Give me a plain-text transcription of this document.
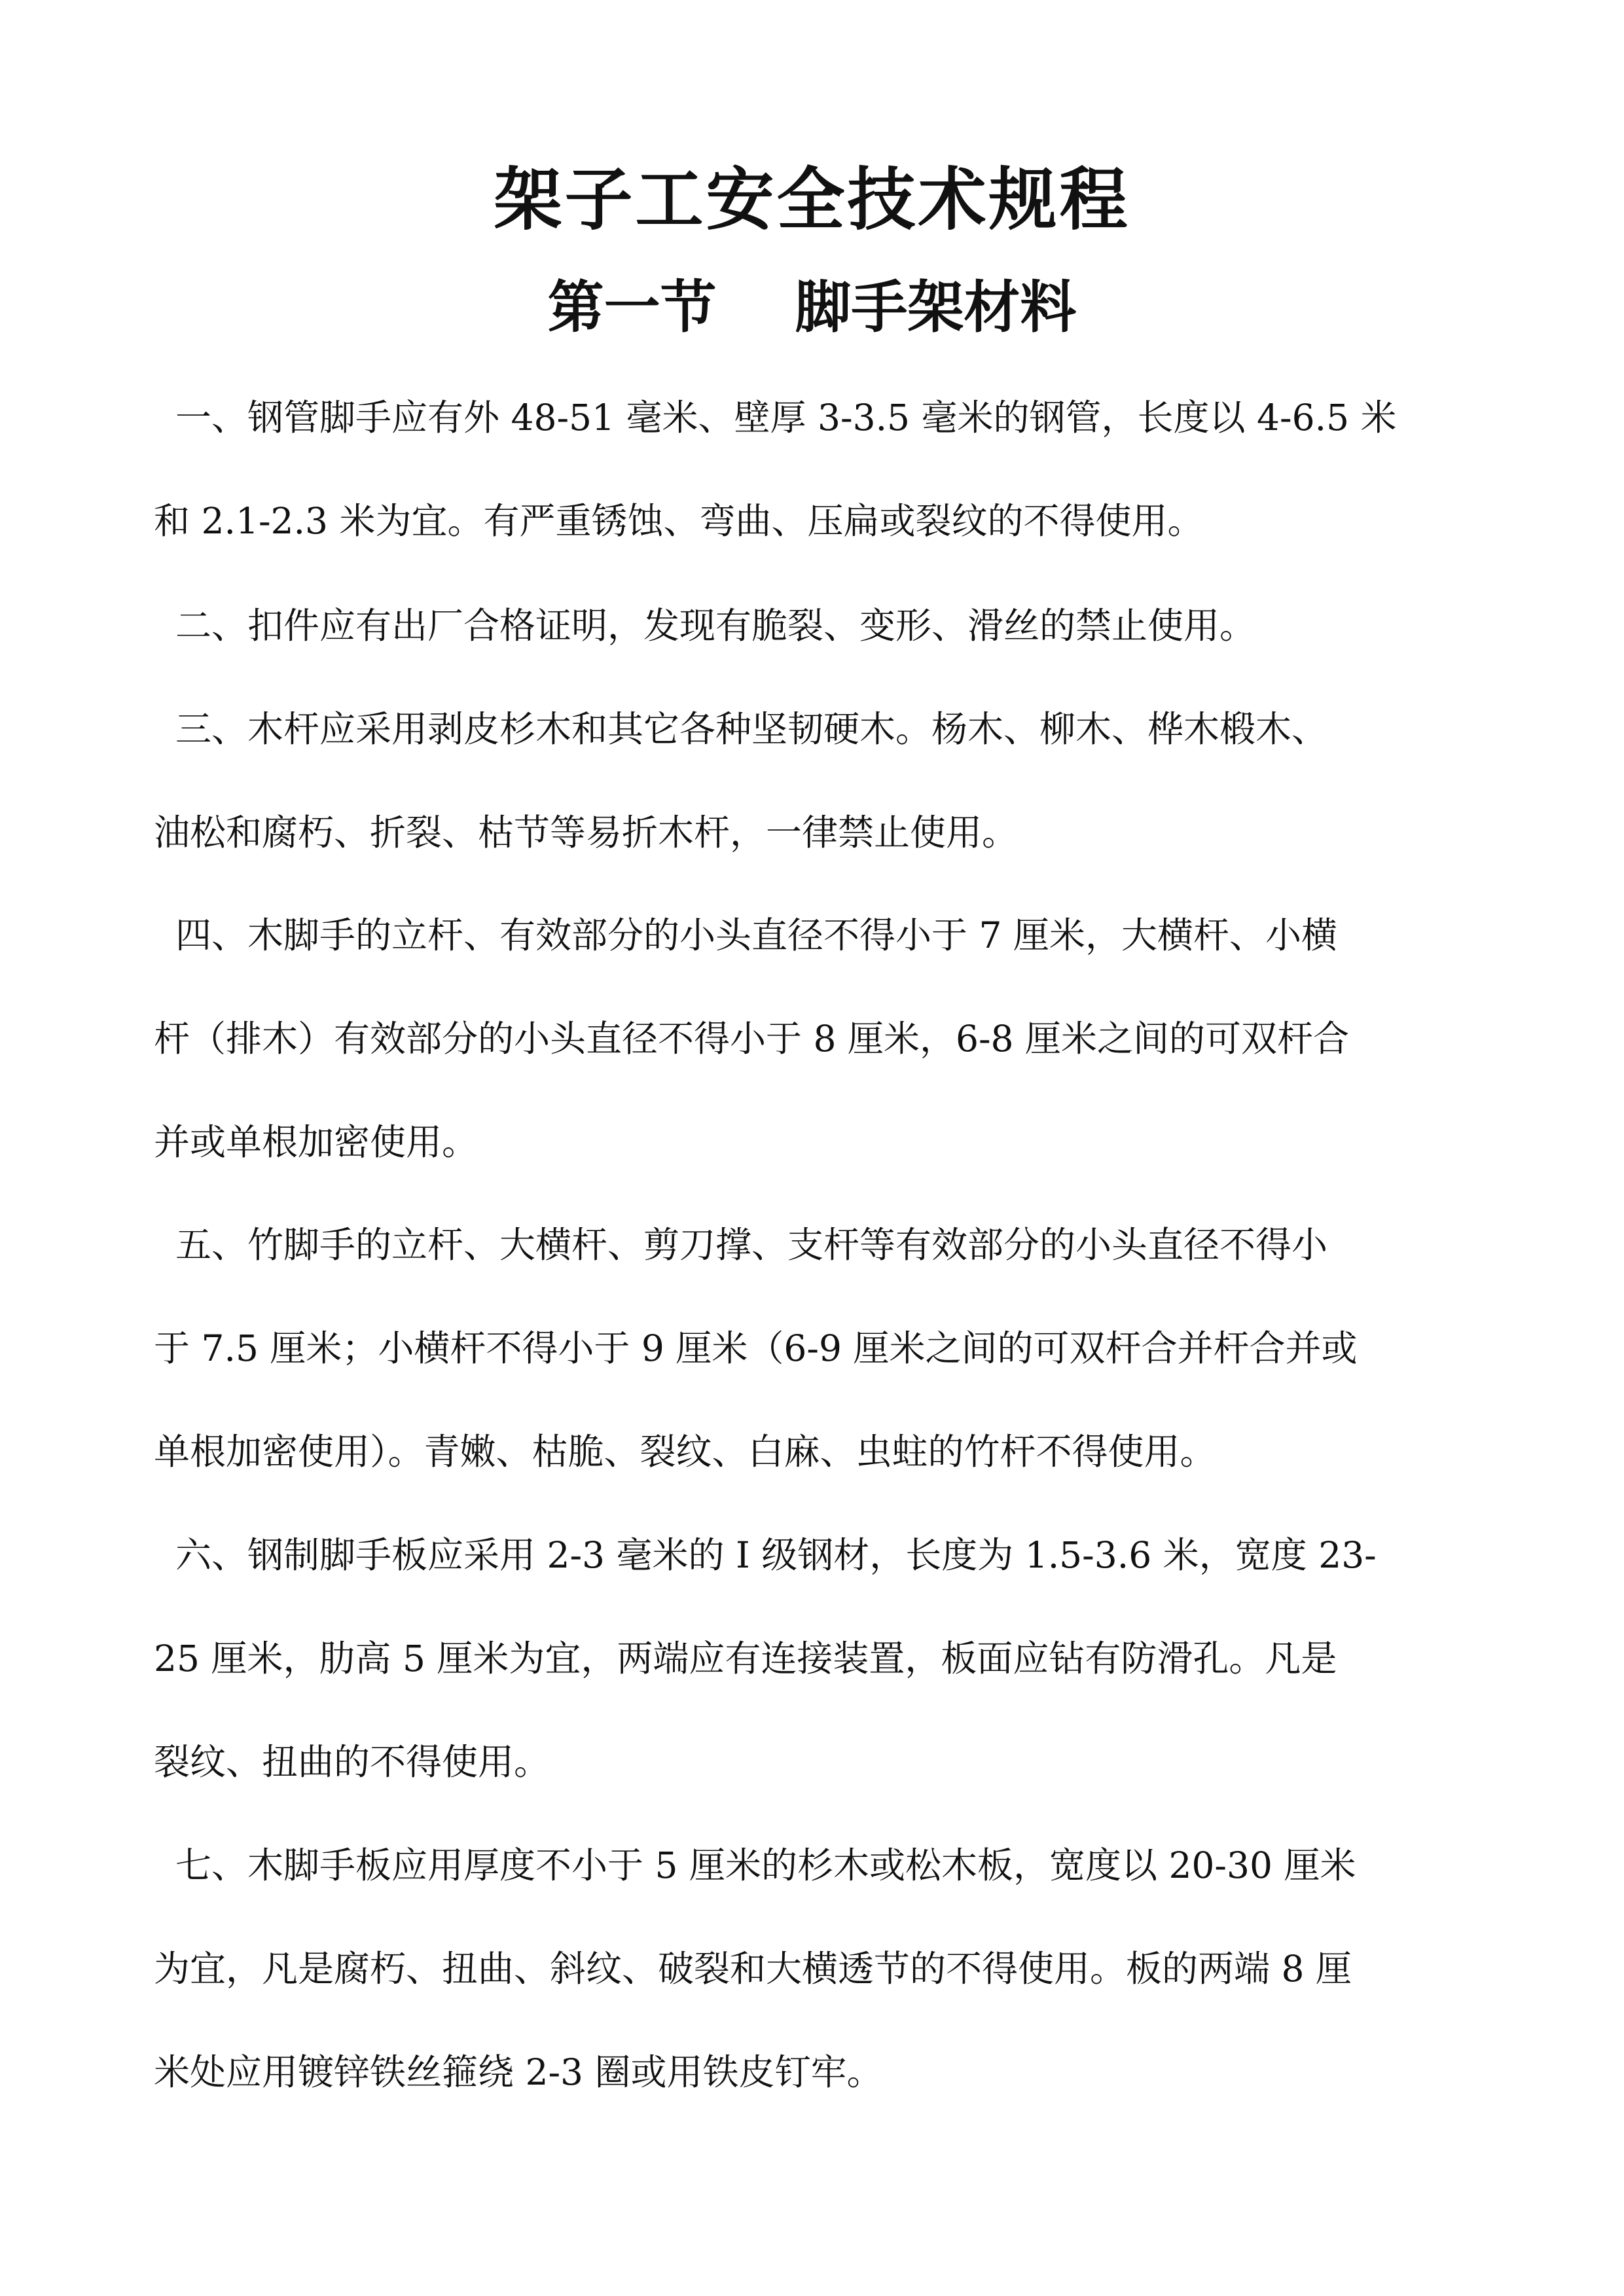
架子工安全技术规程
第一节    脚手架材料

一、钢管脚手应有外 48-51 毫米、壁厚 3-3.5 毫米的钢管，长度以 4-6.5 米

和 2.1-2.3 米为宜。有严重锈蚀、弯曲、压扁或裂纹的不得使用。

二、扣件应有出厂合格证明，发现有脆裂、变形、滑丝的禁止使用。

三、木杆应采用剥皮杉木和其它各种坚韧硬木。杨木、柳木、桦木椴木、

油松和腐朽、折裂、枯节等易折木杆，一律禁止使用。

四、木脚手的立杆、有效部分的小头直径不得小于 7 厘米，大横杆、小横

杆（排木）有效部分的小头直径不得小于 8 厘米，6-8 厘米之间的可双杆合

并或单根加密使用。

五、竹脚手的立杆、大横杆、剪刀撑、支杆等有效部分的小头直径不得小

于 7.5 厘米；小横杆不得小于 9 厘米（6-9 厘米之间的可双杆合并杆合并或

单根加密使用）。青嫩、枯脆、裂纹、白麻、虫蛀的竹杆不得使用。

六、钢制脚手板应采用 2-3 毫米的 I 级钢材，长度为 1.5-3.6 米，宽度 23-

25 厘米，肋高 5 厘米为宜，两端应有连接装置，板面应钻有防滑孔。凡是

裂纹、扭曲的不得使用。

七、木脚手板应用厚度不小于 5 厘米的杉木或松木板，宽度以 20-30 厘米

为宜，凡是腐朽、扭曲、斜纹、破裂和大横透节的不得使用。板的两端 8 厘

米处应用镀锌铁丝箍绕 2-3 圈或用铁皮钉牢。
